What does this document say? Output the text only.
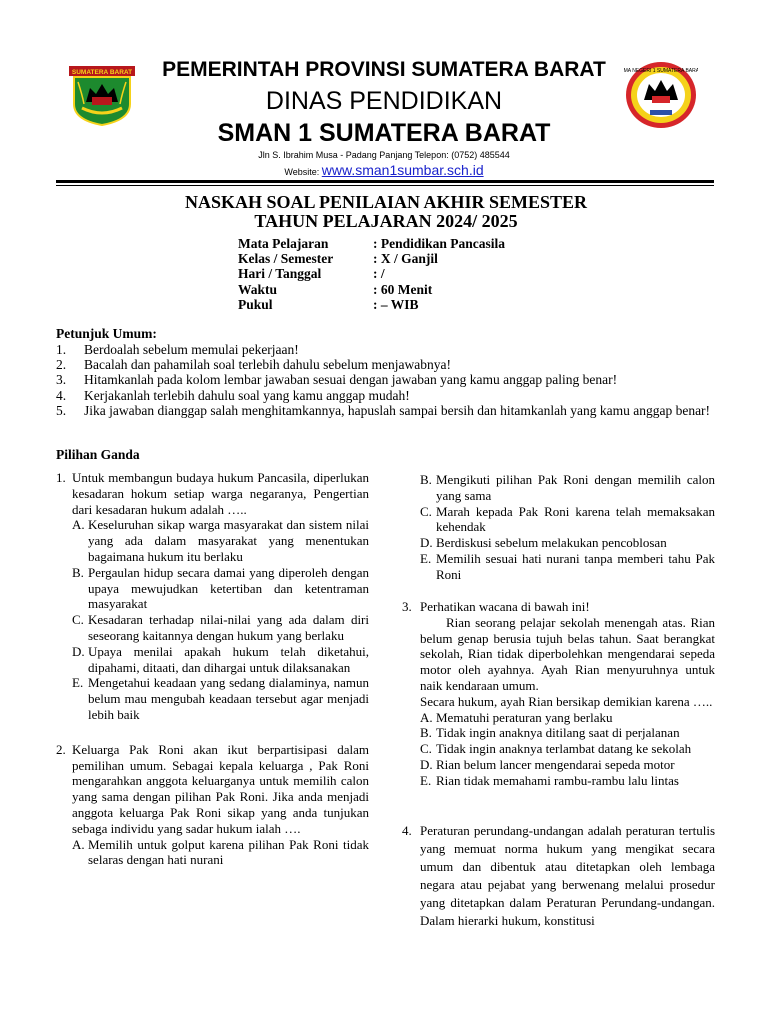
SUMATERA BARAT	SMA NEGERI 1 SUMATERA BARAT
PEMERINTAH PROVINSI SUMATERA BARAT
DINAS PENDIDIKAN
SMAN 1 SUMATERA BARAT
Jln S. Ibrahim Musa - Padang Panjang Telepon: (0752) 485544
Website: www.sman1sumbar.sch.id
NASKAH SOAL PENILAIAN AKHIR SEMESTER
TAHUN PELAJARAN 2024/ 2025
Mata Pelajaran	: Pendidikan Pancasila
Kelas / Semester	: X / Ganjil
Hari / Tanggal	: /
Waktu	: 60 Menit
Pukul	: – WIB
Petunjuk Umum:
1.	Berdoalah sebelum memulai pekerjaan!
2.	Bacalah dan pahamilah soal terlebih dahulu sebelum menjawabnya!
3.	Hitamkanlah pada kolom lembar jawaban sesuai dengan jawaban yang kamu anggap paling benar!
4.	Kerjakanlah terlebih dahulu soal yang kamu anggap mudah!
5.	Jika jawaban dianggap salah menghitamkannya, hapuslah sampai bersih dan hitamkanlah yang kamu anggap benar!
Pilihan Ganda
1. Untuk membangun budaya hukum Pancasila, diperlukan kesadaran hokum setiap warga negaranya, Pengertian dari kesadaran hukum adalah …..
A. Keseluruhan sikap warga masyarakat dan sistem nilai yang ada dalam masyarakat yang menentukan bagaimana hukum itu berlaku
B. Pergaulan hidup secara damai yang diperoleh dengan upaya mewujudkan ketertiban dan ketentraman masyarakat
C. Kesadaran terhadap nilai-nilai yang ada dalam diri seseorang kaitannya dengan hukum yang berlaku
D. Upaya menilai apakah hukum telah diketahui, dipahami, ditaati, dan dihargai untuk dilaksanakan
E. Mengetahui keadaan yang sedang dialaminya, namun belum mau mengubah keadaan tersebut agar menjadi lebih baik
2. Keluarga Pak Roni akan ikut berpartisipasi dalam pemilihan umum. Sebagai kepala keluarga , Pak Roni mengarahkan anggota keluarganya untuk memilih calon yang sama dengan pilihan Pak Roni. Jika anda menjadi anggota keluarga Pak Roni sikap yang anda tunjukan sebaga individu yang sadar hukum ialah ….
A. Memilih untuk golput karena pilihan Pak Roni tidak selaras dengan hati nurani
B. Mengikuti pilihan Pak Roni dengan memilih calon yang sama
C. Marah kepada Pak Roni karena telah memaksakan kehendak
D. Berdiskusi sebelum melakukan pencoblosan
E. Memilih sesuai hati nurani tanpa memberi tahu Pak Roni
3. Perhatikan wacana di bawah ini!
Rian seorang pelajar sekolah menengah atas. Rian belum genap berusia tujuh belas tahun. Saat berangkat sekolah, Rian tidak diperbolehkan mengendarai sepeda motor oleh ayahnya. Ayah Rian menyuruhnya untuk naik kendaraan umum.
Secara hukum, ayah Rian bersikap demikian karena …..
A. Mematuhi peraturan yang berlaku
B. Tidak ingin anaknya ditilang saat di perjalanan
C. Tidak ingin anaknya terlambat datang ke sekolah
D. Rian belum lancer mengendarai sepeda motor
E. Rian tidak memahami rambu-rambu lalu lintas
4. Peraturan perundang-undangan adalah peraturan tertulis yang memuat norma hukum yang mengikat secara umum dan dibentuk atau ditetapkan oleh lembaga negara atau pejabat yang berwenang melalui prosedur yang ditetapkan dalam Peraturan Perundang-undangan. Dalam hierarki hukum, konstitusi
